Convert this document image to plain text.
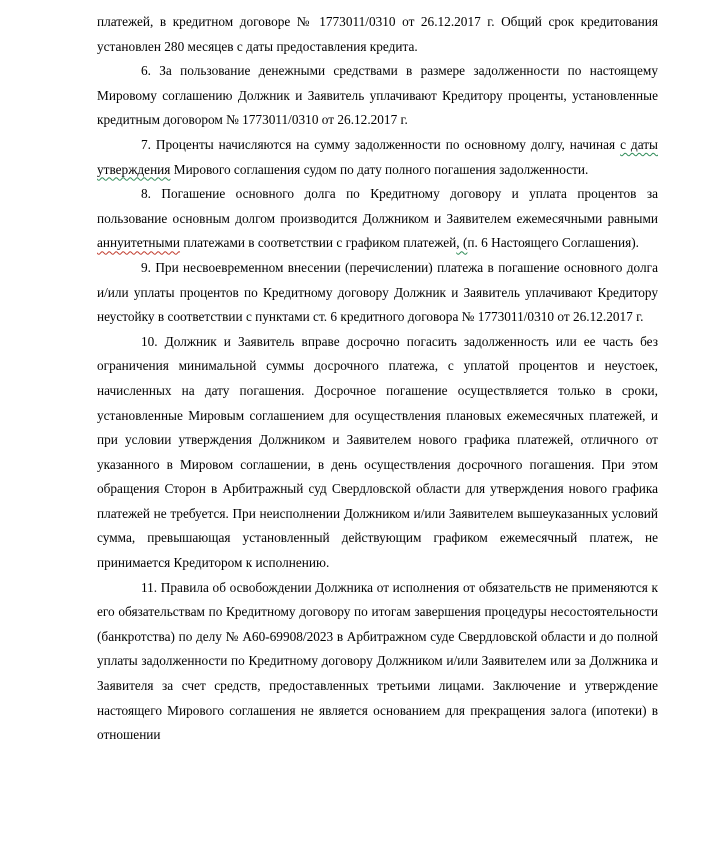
платежей, в кредитном договоре № 1773011/0310 от 26.12.2017 г. Общий срок кредитования установлен 280 месяцев с даты предоставления кредита.

6. За пользование денежными средствами в размере задолженности по настоящему Мировому соглашению Должник и Заявитель уплачивают Кредитору проценты, установленные кредитным договором № 1773011/0310 от 26.12.2017 г.

7. Проценты начисляются на сумму задолженности по основному долгу, начиная с даты утверждения Мирового соглашения судом по дату полного погашения задолженности.

8. Погашение основного долга по Кредитному договору и уплата процентов за пользование основным долгом производится Должником и Заявителем ежемесячными равными аннуитетными платежами в соответствии с графиком платежей, (п. 6 Настоящего Соглашения).

9. При несвоевременном внесении (перечислении) платежа в погашение основного долга и/или уплаты процентов по Кредитному договору Должник и Заявитель уплачивают Кредитору неустойку в соответствии с пунктами ст. 6 кредитного договора № 1773011/0310 от 26.12.2017 г.

10. Должник и Заявитель вправе досрочно погасить задолженность или ее часть без ограничения минимальной суммы досрочного платежа, с уплатой процентов и неустоек, начисленных на дату погашения. Досрочное погашение осуществляется только в сроки, установленные Мировым соглашением для осуществления плановых ежемесячных платежей, и при условии утверждения Должником и Заявителем нового графика платежей, отличного от указанного в Мировом соглашении, в день осуществления досрочного погашения. При этом обращения Сторон в Арбитражный суд Свердловской области для утверждения нового графика платежей не требуется. При неисполнении Должником и/или Заявителем вышеуказанных условий сумма, превышающая установленный действующим графиком ежемесячный платеж, не принимается Кредитором к исполнению.

11. Правила об освобождении Должника от исполнения от обязательств не применяются к его обязательствам по Кредитному договору по итогам завершения процедуры несостоятельности (банкротства) по делу № А60-69908/2023 в Арбитражном суде Свердловской области и до полной уплаты задолженности по Кредитному договору Должником и/или Заявителем или за Должника и Заявителя за счет средств, предоставленных третьими лицами. Заключение и утверждение настоящего Мирового соглашения не является основанием для прекращения залога (ипотеки) в отношении
